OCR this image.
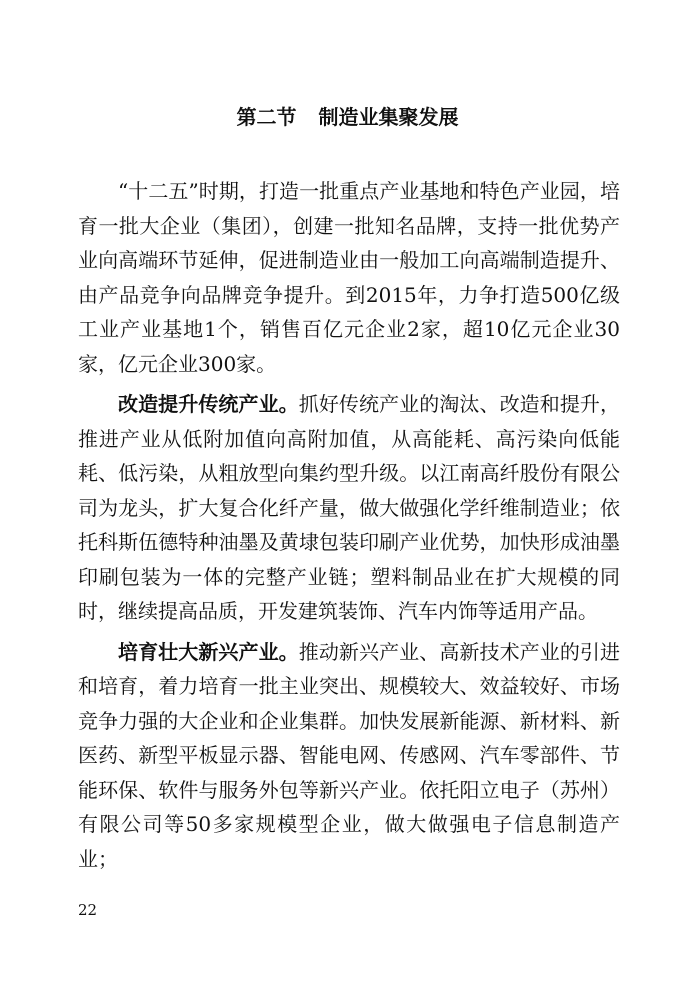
第二节 制造业集聚发展

“十二五”时期，打造一批重点产业基地和特色产业园，培育一批大企业（集团），创建一批知名品牌，支持一批优势产业向高端环节延伸，促进制造业由一般加工向高端制造提升、由产品竞争向品牌竞争提升。到2015年，力争打造500亿级工业产业基地1个，销售百亿元企业2家，超10亿元企业30家，亿元企业300家。

改造提升传统产业。抓好传统产业的淘汰、改造和提升，推进产业从低附加值向高附加值，从高能耗、高污染向低能耗、低污染，从粗放型向集约型升级。以江南高纤股份有限公司为龙头，扩大复合化纤产量，做大做强化学纤维制造业；依托科斯伍德特种油墨及黄埭包装印刷产业优势，加快形成油墨印刷包装为一体的完整产业链；塑料制品业在扩大规模的同时，继续提高品质，开发建筑装饰、汽车内饰等适用产品。

培育壮大新兴产业。推动新兴产业、高新技术产业的引进和培育，着力培育一批主业突出、规模较大、效益较好、市场竞争力强的大企业和企业集群。加快发展新能源、新材料、新医药、新型平板显示器、智能电网、传感网、汽车零部件、节能环保、软件与服务外包等新兴产业。依托阳立电子（苏州）有限公司等50多家规模型企业，做大做强电子信息制造产业；

22
